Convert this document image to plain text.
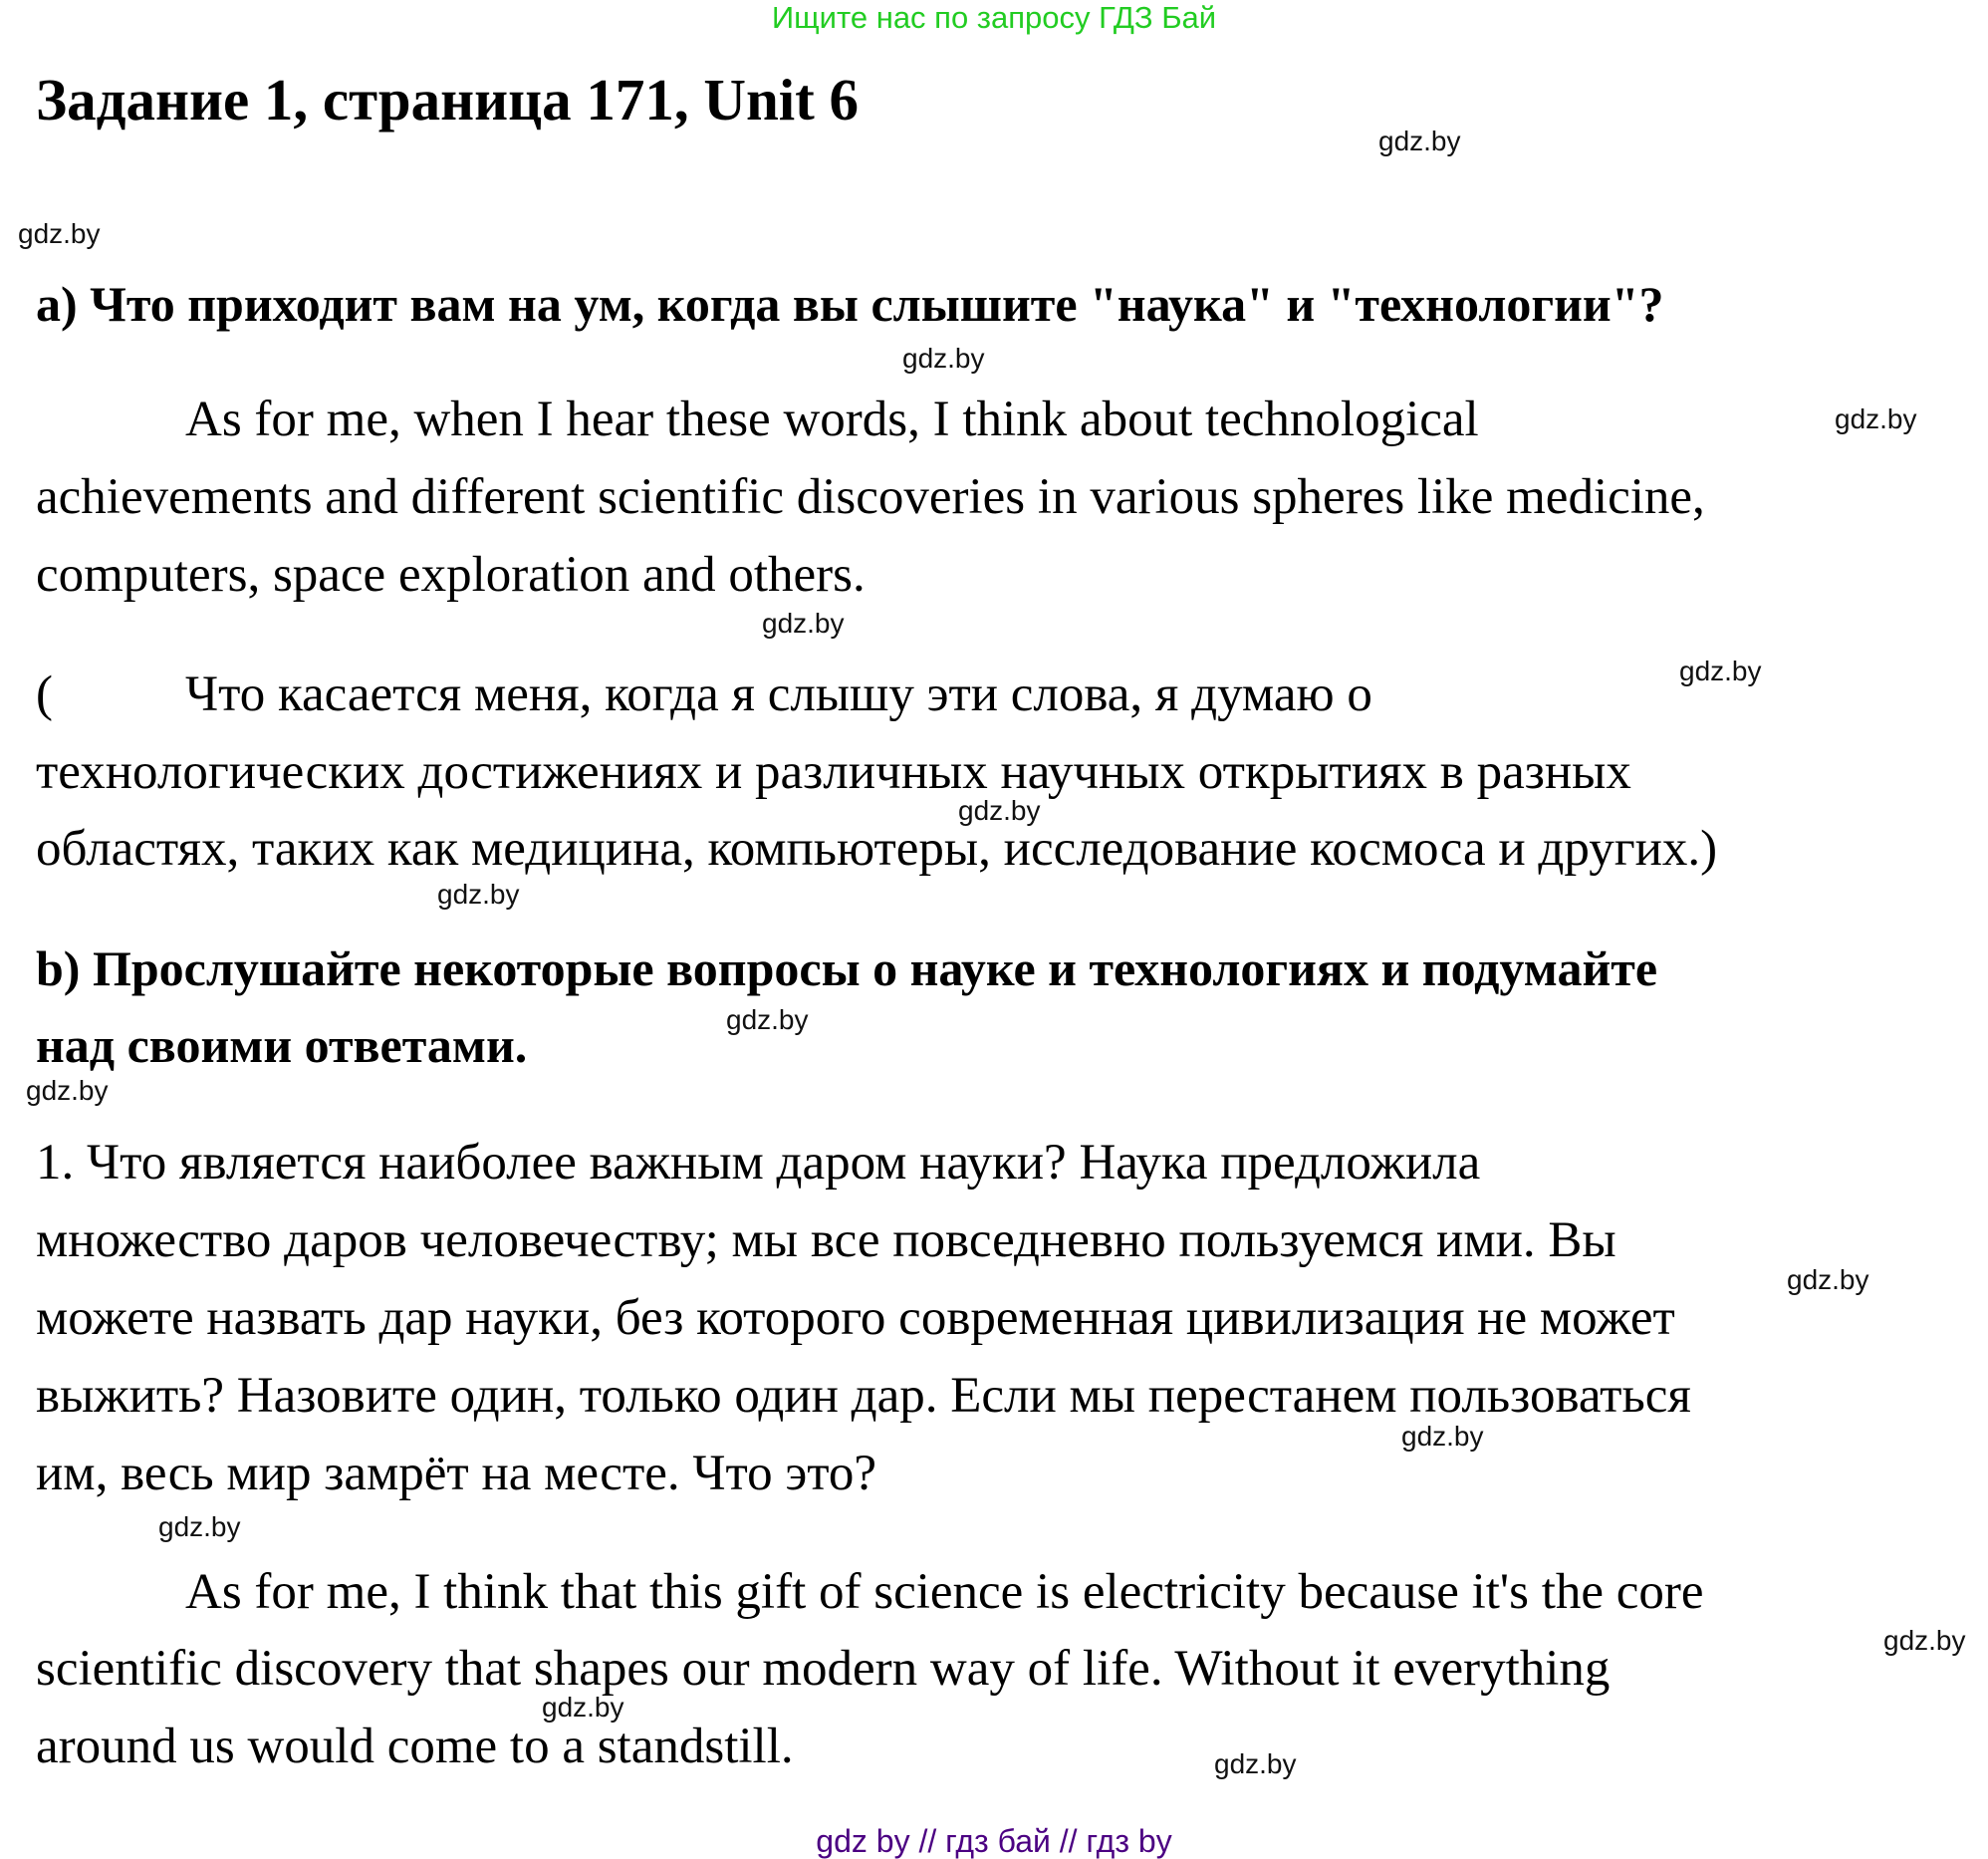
Ищите нас по запросу ГДЗ Бай
Задание 1, страница 171, Unit 6
a) Что приходит вам на ум, когда вы слышите "наука" и "технологии"?
As for me, when I hear these words, I think about technological
achievements and different scientific discoveries in various spheres like medicine,
computers, space exploration and others.
(	Что касается меня, когда я слышу эти слова, я думаю о
технологических достижениях и различных научных открытиях в разных
областях, таких как медицина, компьютеры, исследование космоса и других.)
b) Прослушайте некоторые вопросы о науке и технологиях и подумайте
над своими ответами.
1. Что является наиболее важным даром науки? Наука предложила
множество даров человечеству; мы все повседневно пользуемся ими. Вы
можете назвать дар науки, без которого современная цивилизация не может
выжить? Назовите один, только один дар. Если мы перестанем пользоваться
им, весь мир замрёт на месте. Что это?
As for me, I think that this gift of science is electricity because it's the core
scientific discovery that shapes our modern way of life. Without it everything
around us would come to a standstill.
gdz.by
gdz.by
gdz.by
gdz.by
gdz.by
gdz.by
gdz.by
gdz.by
gdz.by
gdz.by
gdz.by
gdz.by
gdz.by
gdz.by
gdz.by
gdz.by
gdz by // гдз бай // гдз by
